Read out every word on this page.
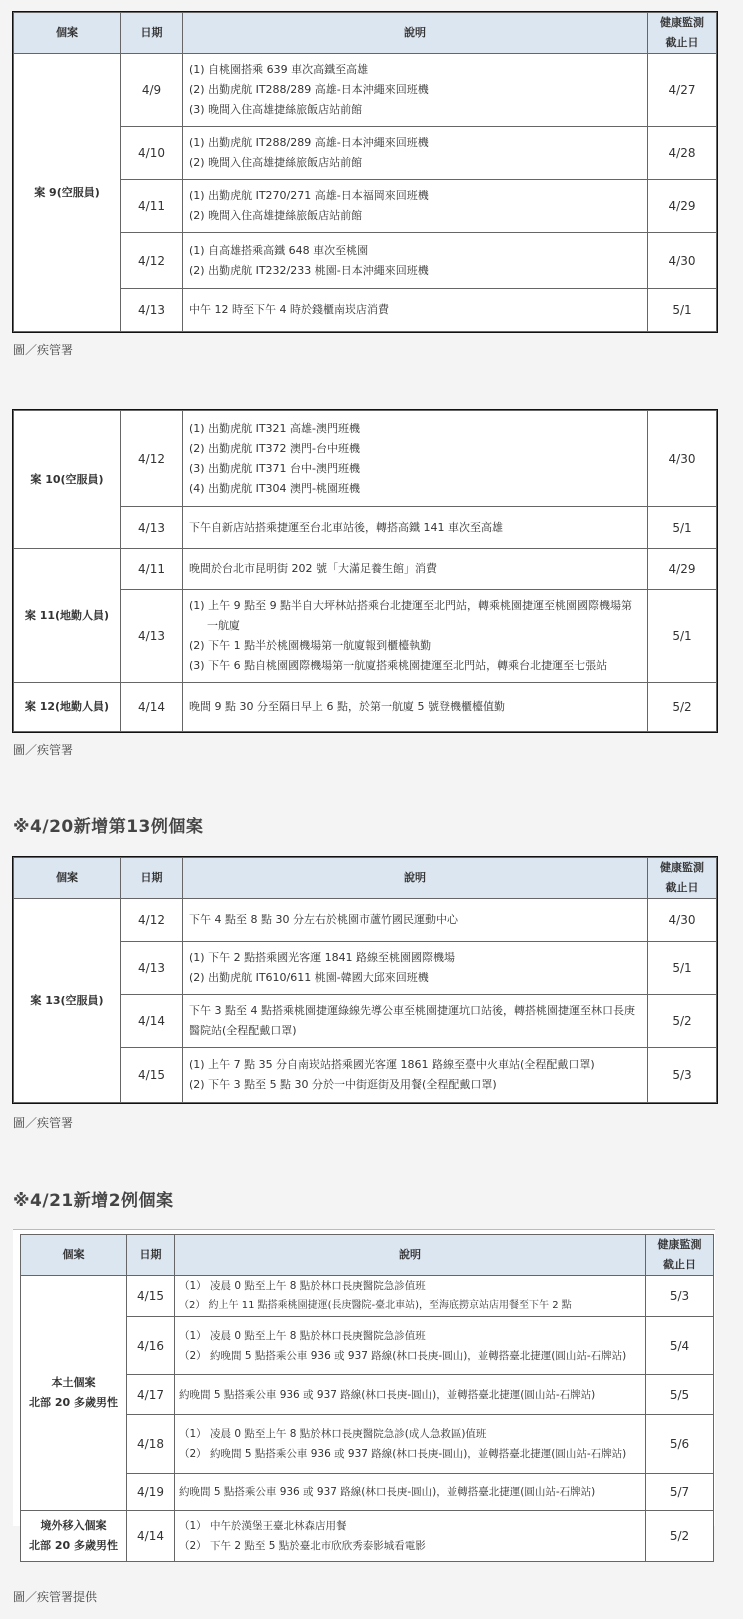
個案	日期	說明	健康監測
截止日

案 9(空服員)	4/9	(1) 自桃園搭乘 639 車次高鐵至高雄
(2) 出勤虎航 IT288/289 高雄-日本沖繩來回班機
(3) 晚間入住高雄捷絲旅飯店站前館	4/27
	4/10	(1) 出勤虎航 IT288/289 高雄-日本沖繩來回班機
(2) 晚間入住高雄捷絲旅飯店站前館	4/28
	4/11	(1) 出勤虎航 IT270/271 高雄-日本福岡來回班機
(2) 晚間入住高雄捷絲旅飯店站前館	4/29
	4/12	(1) 自高雄搭乘高鐵 648 車次至桃園
(2) 出勤虎航 IT232/233 桃園-日本沖繩來回班機	4/30
	4/13	中午 12 時至下午 4 時於錢櫃南崁店消費	5/1
圖／疾管署
案 10(空服員)	4/12	(1) 出勤虎航 IT321 高雄-澳門班機
(2) 出勤虎航 IT372 澳門-台中班機
(3) 出勤虎航 IT371 台中-澳門班機
(4) 出勤虎航 IT304 澳門-桃園班機	4/30
	4/13	下午自新店站搭乘捷運至台北車站後，轉搭高鐵 141 車次至高雄	5/1
案 11(地勤人員)	4/11	晚間於台北市昆明街 202 號「大滿足養生館」消費	4/29
	4/13	(1) 上午 9 點至 9 點半自大坪林站搭乘台北捷運至北門站，轉乘桃園捷運至桃園國際機場第一航廈
(2) 下午 1 點半於桃園機場第一航廈報到櫃檯執勤
(3) 下午 6 點自桃園國際機場第一航廈搭乘桃園捷運至北門站，轉乘台北捷運至七張站	5/1
案 12(地勤人員)	4/14	晚間 9 點 30 分至隔日早上 6 點，於第一航廈 5 號登機櫃檯值勤	5/2
圖／疾管署
※4/20新增第13例個案
個案	日期	說明	健康監測
截止日

案 13(空服員)	4/12	下午 4 點至 8 點 30 分左右於桃園市蘆竹國民運動中心	4/30
	4/13	(1) 下午 2 點搭乘國光客運 1841 路線至桃園國際機場
(2) 出勤虎航 IT610/611 桃園-韓國大邱來回班機	5/1
	4/14	下午 3 點至 4 點搭乘桃園捷運綠線先導公車至桃園捷運坑口站後，轉搭桃園捷運至林口長庚醫院站(全程配戴口罩)	5/2
	4/15	(1) 上午 7 點 35 分自南崁站搭乘國光客運 1861 路線至臺中火車站(全程配戴口罩)
(2) 下午 3 點至 5 點 30 分於一中街逛街及用餐(全程配戴口罩)	5/3
圖／疾管署
※4/21新增2例個案
個案	日期	說明	健康監測
截止日

本土個案
北部 20 多歲男性	4/15	（1） 凌晨 0 點至上午 8 點於林口長庚醫院急診值班
（2） 約上午 11 點搭乘桃園捷運(長庚醫院-臺北車站)，至海底撈京站店用餐至下午 2 點	5/3
	4/16	（1） 凌晨 0 點至上午 8 點於林口長庚醫院急診值班
（2） 約晚間 5 點搭乘公車 936 或 937 路線(林口長庚-圓山)，並轉搭臺北捷運(圓山站-石牌站)	5/4
	4/17	約晚間 5 點搭乘公車 936 或 937 路線(林口長庚-圓山)，並轉搭臺北捷運(圓山站-石牌站)	5/5
	4/18	（1） 凌晨 0 點至上午 8 點於林口長庚醫院急診(成人急救區)值班
（2） 約晚間 5 點搭乘公車 936 或 937 路線(林口長庚-圓山)，並轉搭臺北捷運(圓山站-石牌站)	5/6
	4/19	約晚間 5 點搭乘公車 936 或 937 路線(林口長庚-圓山)，並轉搭臺北捷運(圓山站-石牌站)	5/7

境外移入個案
北部 20 多歲男性	4/14	（1） 中午於漢堡王臺北林森店用餐
（2） 下午 2 點至 5 點於臺北市欣欣秀泰影城看電影	5/2
圖／疾管署提供
